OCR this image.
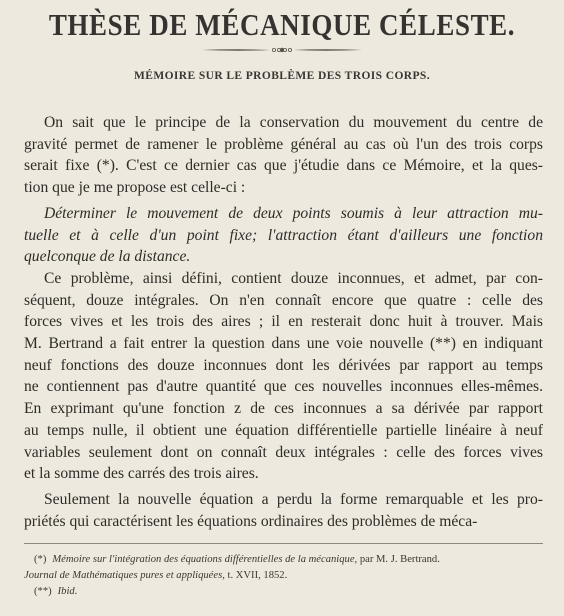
THÈSE DE MÉCANIQUE CÉLESTE.
MÉMOIRE SUR LE PROBLÈME DES TROIS CORPS.
On sait que le principe de la conservation du mouvement du centre de
gravité permet de ramener le problème général au cas où l'un des trois corps
serait fixe (*). C'est ce dernier cas que j'étudie dans ce Mémoire, et la ques-
tion que je me propose est celle-ci :
Déterminer le mouvement de deux points soumis à leur attraction mu-
tuelle et à celle d'un point fixe; l'attraction étant d'ailleurs une fonction
quelconque de la distance.
Ce problème, ainsi défini, contient douze inconnues, et admet, par con-
séquent, douze intégrales. On n'en connaît encore que quatre : celle des
forces vives et les trois des aires ; il en resterait donc huit à trouver. Mais
M. Bertrand a fait entrer la question dans une voie nouvelle (**) en indiquant
neuf fonctions des douze inconnues dont les dérivées par rapport au temps
ne contiennent pas d'autre quantité que ces nouvelles inconnues elles-mêmes.
En exprimant qu'une fonction z de ces inconnues a sa dérivée par rapport
au temps nulle, il obtient une équation différentielle partielle linéaire à neuf
variables seulement dont on connaît deux intégrales : celle des forces vives
et la somme des carrés des trois aires.
Seulement la nouvelle équation a perdu la forme remarquable et les pro-
priétés qui caractérisent les équations ordinaires des problèmes de méca-
(*) Mémoire sur l'intégration des équations différentielles de la mécanique, par M. J. Bertrand.
Journal de Mathématiques pures et appliquées, t. XVII, 1852.
(**) Ibid.
